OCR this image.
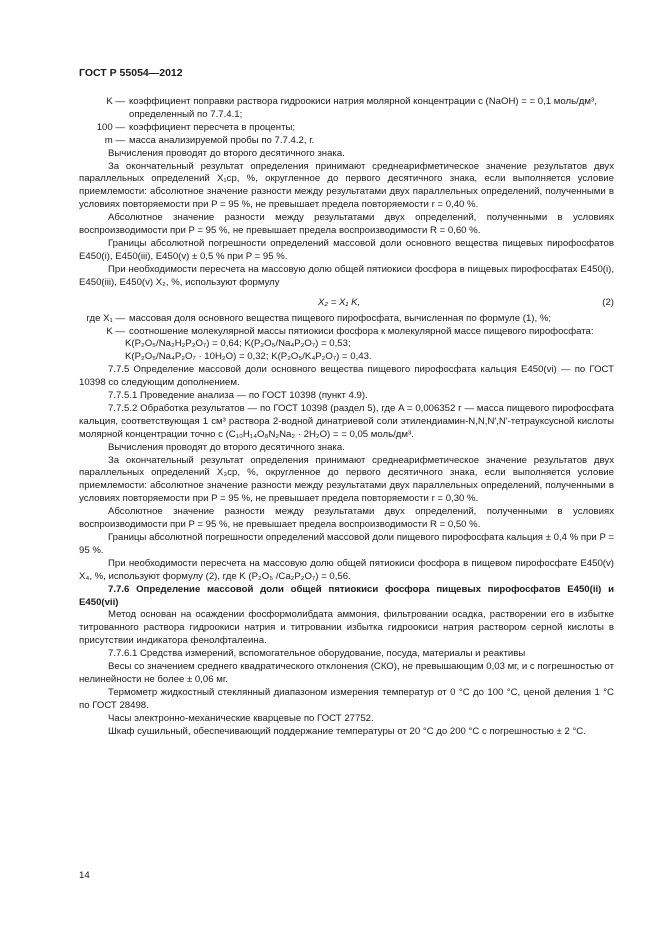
ГОСТ Р 55054—2012
K — коэффициент поправки раствора гидроокиси натрия молярной концентрации c (NaOH) = = 0,1 моль/дм³, определенный по 7.7.4.1;
100 — коэффициент пересчета в проценты;
m — масса анализируемой пробы по 7.7.4.2, г.

Вычисления проводят до второго десятичного знака.

За окончательный результат определения принимают среднеарифметическое значение результатов двух параллельных определений X₁ср, %, округленное до первого десятичного знака, если выполняется условие приемлемости: абсолютное значение разности между результатами двух параллельных определений, полученными в условиях повторяемости при P = 95 %, не превышает предела повторяемости r = 0,40 %.

Абсолютное значение разности между результатами двух определений, полученными в условиях воспроизводимости при P = 95 %, не превышает предела воспроизводимости R = 0,60 %.

Границы абсолютной погрешности определений массовой доли основного вещества пищевых пирофосфатов E450(i), E450(iii), E450(v) ± 0,5 % при P = 95 %.

При необходимости пересчета на массовую долю общей пятиокиси фосфора в пищевых пирофосфатах E450(i), E450(iii), E450(v) X₂, %, используют формулу

X₂ = X₁ K,	(2)
где X₁ — массовая доля основного вещества пищевого пирофосфата, вычисленная по формуле (1), %;
K — соотношение молекулярной массы пятиокиси фосфора к молекулярной массе пищевого пирофосфата:

K(P₂O₅/Na₂H₂P₂O₇) = 0,64; K(P₂O₅/Na₄P₂O₇) = 0,53;

K(P₂O₅/Na₄P₂O₇ · 10H₂O) = 0,32; K(P₂O₅/K₄P₂O₇) = 0,43.

7.7.5 Определение массовой доли основного вещества пищевого пирофосфата кальция E450(vi) — по ГОСТ 10398 со следующим дополнением.

7.7.5.1 Проведение анализа — по ГОСТ 10398 (пункт 4.9).

7.7.5.2 Обработка результатов — по ГОСТ 10398 (раздел 5), где A = 0,006352 г — масса пищевого пирофосфата кальция, соответствующая 1 см³ раствора 2-водной динатриевой соли этилендиамин-N,N,N′,N′-тетрауксусной кислоты молярной концентрации точно c (C₁₀H₁₄O₈N₂Na₂ · 2H₂O) = = 0,05 моль/дм³.

Вычисления проводят до второго десятичного знака.

За окончательный результат определения принимают среднеарифметическое значение результатов двух параллельных определений X₃ср, %, округленное до первого десятичного знака, если выполняется условие приемлемости: абсолютное значение разности между результатами двух параллельных определений, полученными в условиях повторяемости при P = 95 %, не превышает предела повторяемости r = 0,30 %.

Абсолютное значение разности между результатами двух определений, полученными в условиях воспроизводимости при P = 95 %, не превышает предела воспроизводимости R = 0,50 %.

Границы абсолютной погрешности определений массовой доли пищевого пирофосфата кальция ± 0,4 % при P = 95 %.

При необходимости пересчета на массовую долю общей пятиокиси фосфора в пищевом пирофосфате E450(v) X₄, %, используют формулу (2), где K (P₂O₅ /Ca₂P₂O₇) = 0,56.

7.7.6 Определение массовой доли общей пятиокиси фосфора пищевых пирофосфатов E450(ii) и E450(vii)

Метод основан на осаждении фосформолибдата аммония, фильтровании осадка, растворении его в избытке титрованного раствора гидроокиси натрия и титровании избытка гидроокиси натрия раствором серной кислоты в присутствии индикатора фенолфталеина.

7.7.6.1 Средства измерений, вспомогательное оборудование, посуда, материалы и реактивы

Весы со значением среднего квадратического отклонения (СКО), не превышающим 0,03 мг, и с погрешностью от нелинейности не более ± 0,06 мг.

Термометр жидкостный стеклянный диапазоном измерения температур от 0 °C до 100 °C, ценой деления 1 °C по ГОСТ 28498.

Часы электронно-механические кварцевые по ГОСТ 27752.

Шкаф сушильный, обеспечивающий поддержание температуры от 20 °C до 200 °C с погрешностью ± 2 °C.

14
